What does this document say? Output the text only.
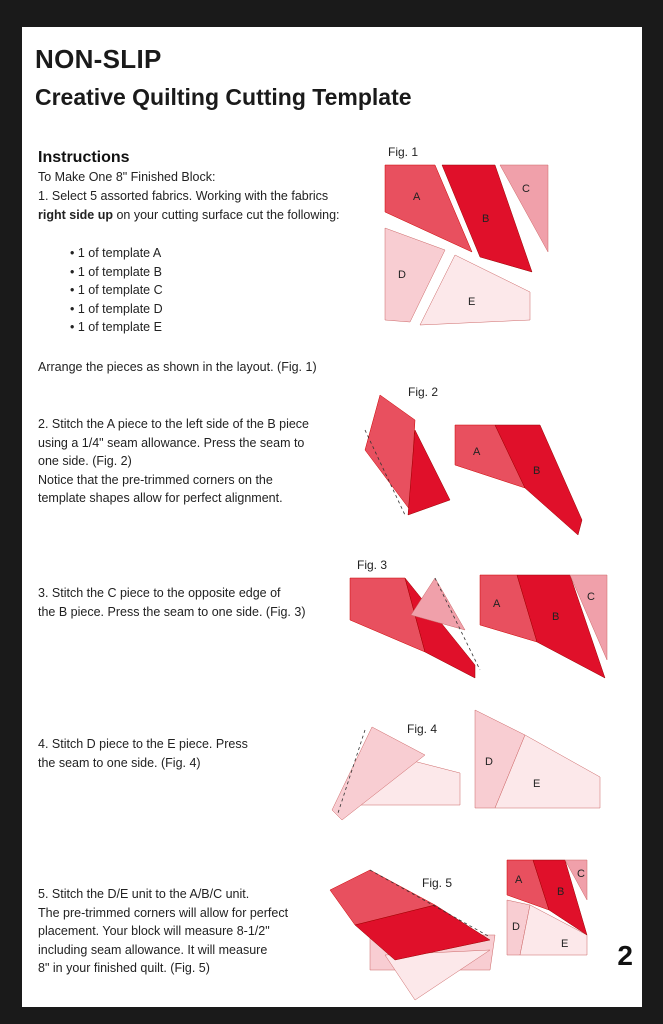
NON-SLIP
Creative Quilting Cutting Template
Instructions
To Make One 8" Finished Block:
1. Select 5 assorted fabrics. Working with the fabrics
right side up on your cutting surface cut the following:
• 1 of template A
• 1 of template B
• 1 of template C
• 1 of template D
• 1 of template E
Arrange the pieces as shown in the layout. (Fig. 1)
2. Stitch the A piece to the left side of the B piece
using a 1/4" seam allowance. Press the seam to
one side. (Fig. 2)
Notice that the pre-trimmed corners on the
template shapes allow for perfect alignment.
3. Stitch the C piece to the opposite edge of
the B piece. Press the seam to one side. (Fig. 3)
4. Stitch D piece to the E piece. Press
the seam to one side. (Fig. 4)
5. Stitch the D/E unit to the A/B/C unit.
The pre-trimmed corners will allow for perfect
placement. Your block will measure 8-1/2"
including seam allowance. It will measure
8" in your finished quilt. (Fig. 5)
Fig. 1
Fig. 2
Fig. 3
Fig. 4
Fig. 5
A
B
C
D
E
A
B
A
B
C
D
E
A
B
C
D
E 2
